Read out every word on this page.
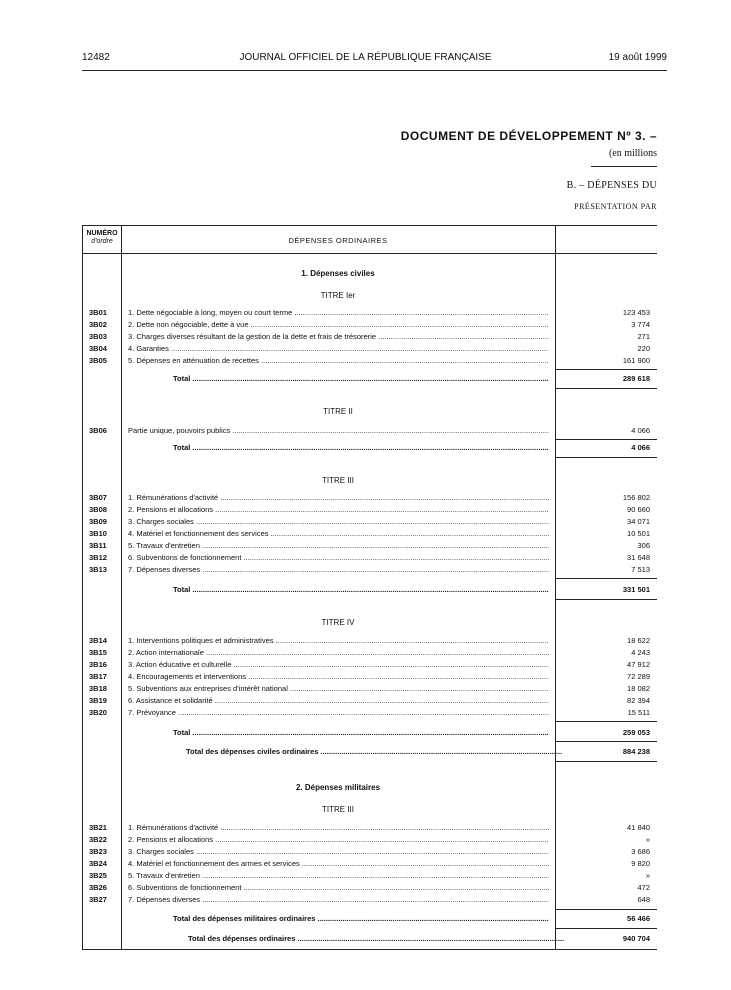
12482	JOURNAL OFFICIEL DE LA RÉPUBLIQUE FRANÇAISE	19 août 1999
DOCUMENT DE DÉVELOPPEMENT Nº 3. –
(en millions
B. – DÉPENSES DU
PRÉSENTATION PAR
NUMÉRO
d'ordre	DÉPENSES ORDINAIRES
1. Dépenses civiles
TITRE Ier
3B01	1. Dette négociable à long, moyen ou court terme .....	123 453
3B02	2. Dette non négociable, dette à vue .....	3 774
3B03	3. Charges diverses résultant de la gestion de la dette et frais de trésorerie .....	271
3B04	4. Garanties .....	220
3B05	5. Dépenses en atténuation de recettes .....	161 900
Total .....	289 618
TITRE II
3B06	Partie unique, pouvoirs publics .....	4 066
Total .....	4 066
TITRE III
3B07	1. Rémunérations d'activité .....	156 802
3B08	2. Pensions et allocations .....	90 660
3B09	3. Charges sociales .....	34 071
3B10	4. Matériel et fonctionnement des services .....	10 501
3B11	5. Travaux d'entretien .....	306
3B12	6. Subventions de fonctionnement .....	31 648
3B13	7. Dépenses diverses .....	7 513
Total .....	331 501
TITRE IV
3B14	1. Interventions politiques et administratives .....	18 622
3B15	2. Action internationale .....	4 243
3B16	3. Action éducative et culturelle .....	47 912
3B17	4. Encouragements et interventions .....	72 289
3B18	5. Subventions aux entreprises d'intérêt national .....	18 082
3B19	6. Assistance et solidarité .....	82 394
3B20	7. Prévoyance .....	15 511
Total .....	259 053
Total des dépenses civiles ordinaires .....	884 238
2. Dépenses militaires
TITRE III
3B21	1. Rémunérations d'activité .....	41 840
3B22	2. Pensions et allocations .....	»
3B23	3. Charges sociales .....	3 686
3B24	4. Matériel et fonctionnement des armes et services .....	9 820
3B25	5. Travaux d'entretien .....	»
3B26	6. Subventions de fonctionnement .....	472
3B27	7. Dépenses diverses .....	648
Total des dépenses militaires ordinaires .....	56 466
Total des dépenses ordinaires .....	940 704
